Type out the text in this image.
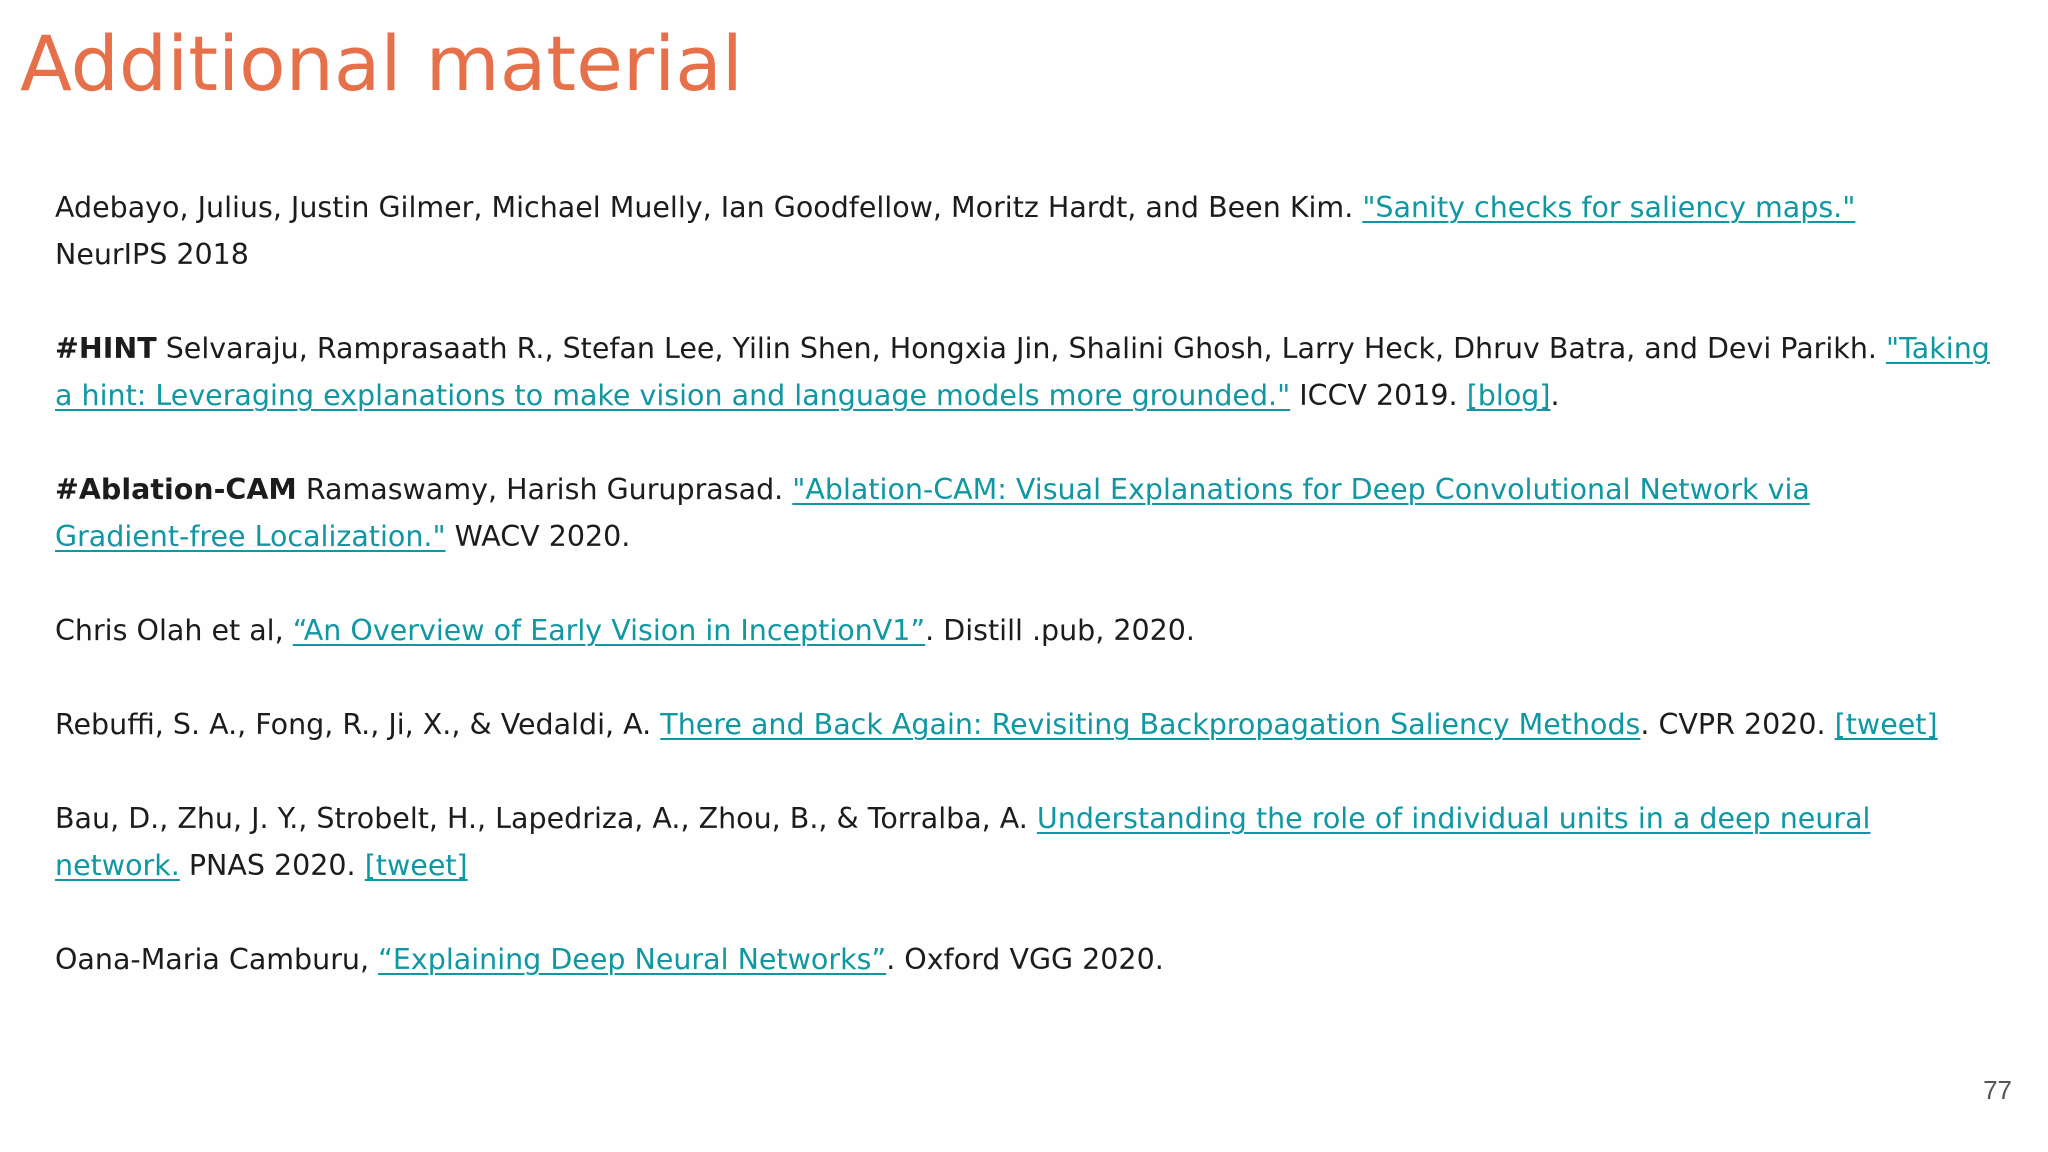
Additional material
Adebayo, Julius, Justin Gilmer, Michael Muelly, Ian Goodfellow, Moritz Hardt, and Been Kim. "Sanity checks for saliency maps."
NeurIPS 2018
#HINT Selvaraju, Ramprasaath R., Stefan Lee, Yilin Shen, Hongxia Jin, Shalini Ghosh, Larry Heck, Dhruv Batra, and Devi Parikh. "Taking
a hint: Leveraging explanations to make vision and language models more grounded." ICCV 2019. [blog].
#Ablation-CAM Ramaswamy, Harish Guruprasad. "Ablation-CAM: Visual Explanations for Deep Convolutional Network via
Gradient-free Localization." WACV 2020.
Chris Olah et al, “An Overview of Early Vision in InceptionV1”. Distill .pub, 2020.
Rebuffi, S. A., Fong, R., Ji, X., & Vedaldi, A. There and Back Again: Revisiting Backpropagation Saliency Methods. CVPR 2020. [tweet]
Bau, D., Zhu, J. Y., Strobelt, H., Lapedriza, A., Zhou, B., & Torralba, A. Understanding the role of individual units in a deep neural
network. PNAS 2020. [tweet]
Oana-Maria Camburu, “Explaining Deep Neural Networks”. Oxford VGG 2020.
77
